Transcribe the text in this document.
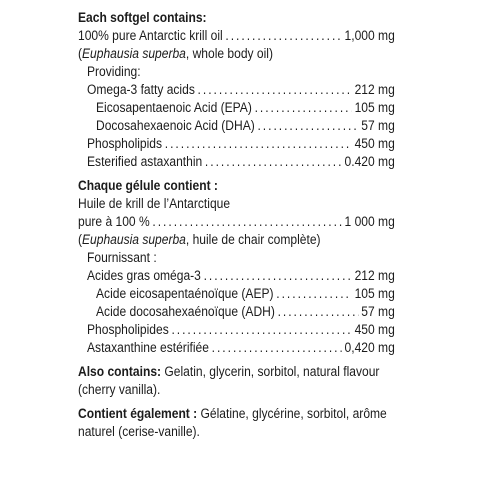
Each softgel contains:
100% pure Antarctic krill oil .....	1,000 mg
( Euphausia superba , whole body oil)
Providing:
Omega-3 fatty acids .....	212 mg
Eicosapentaenoic Acid (EPA) .....	105 mg
Docosahexaenoic Acid (DHA) .....	57 mg
Phospholipids .....	450 mg
Esterified astaxanthin .....	0.420 mg
Chaque gélule contient :
Huile de krill de l’Antarctique
pure à 100 % .....	1 000 mg
( Euphausia superba , huile de chair complète)
Fournissant :
Acides gras oméga-3 .....	212 mg
Acide eicosapentaénoïque (AEP) .....	105 mg
Acide docosahexaénoïque (ADH) .....	57 mg
Phospholipides .....	450 mg
Astaxanthine estérifiée .....	0,420 mg
Also contains: Gelatin, glycerin, sorbitol, natural flavour (cherry vanilla).
Contient également : Gélatine, glycérine, sorbitol, arôme naturel (cerise-vanille).
